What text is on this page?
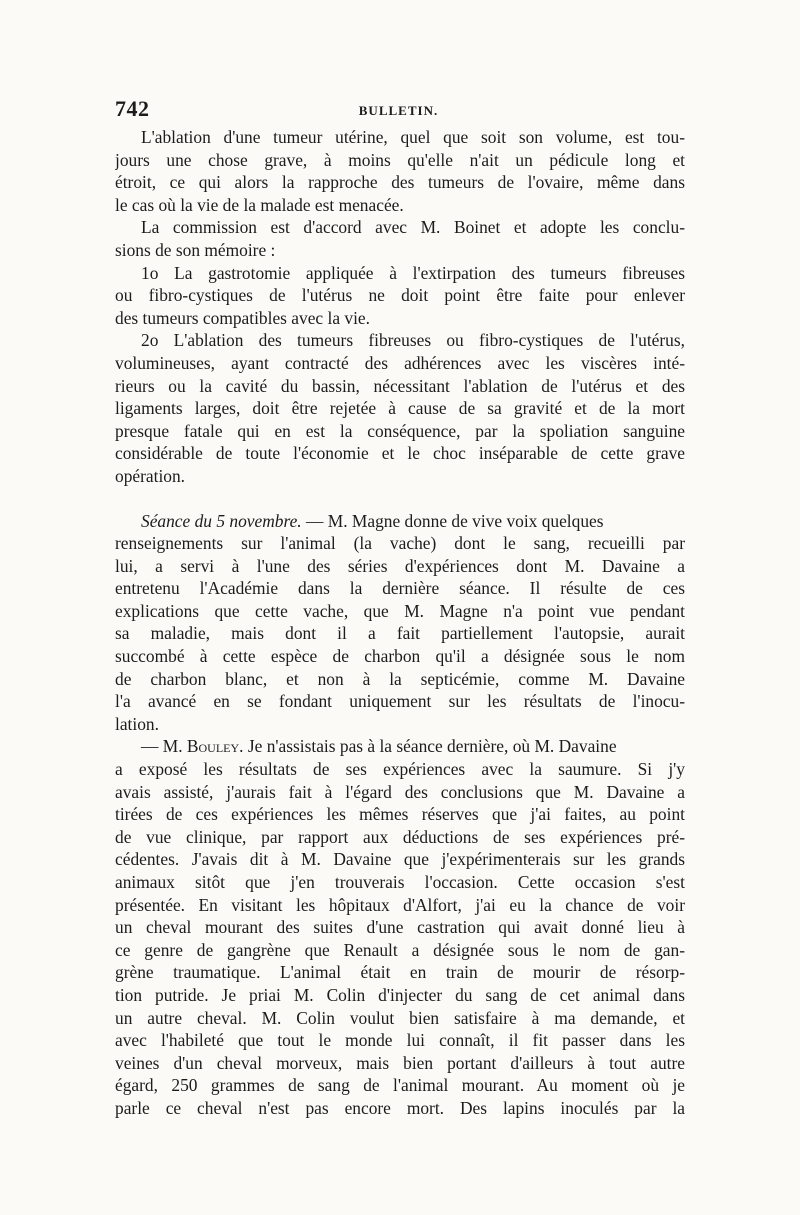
742	BULLETIN.
L'ablation d'une tumeur utérine, quel que soit son volume, est tou-
jours une chose grave, à moins qu'elle n'ait un pédicule long et
étroit, ce qui alors la rapproche des tumeurs de l'ovaire, même dans
le cas où la vie de la malade est menacée.
La commission est d'accord avec M. Boinet et adopte les conclu-
sions de son mémoire :
1o La gastrotomie appliquée à l'extirpation des tumeurs fibreuses
ou fibro-cystiques de l'utérus ne doit point être faite pour enlever
des tumeurs compatibles avec la vie.
2o L'ablation des tumeurs fibreuses ou fibro-cystiques de l'utérus,
volumineuses, ayant contracté des adhérences avec les viscères inté-
rieurs ou la cavité du bassin, nécessitant l'ablation de l'utérus et des
ligaments larges, doit être rejetée à cause de sa gravité et de la mort
presque fatale qui en est la conséquence, par la spoliation sanguine
considérable de toute l'économie et le choc inséparable de cette grave
opération.
Séance du 5 novembre. — M. Magne donne de vive voix quelques
renseignements sur l'animal (la vache) dont le sang, recueilli par
lui, a servi à l'une des séries d'expériences dont M. Davaine a
entretenu l'Académie dans la dernière séance. Il résulte de ces
explications que cette vache, que M. Magne n'a point vue pendant
sa maladie, mais dont il a fait partiellement l'autopsie, aurait
succombé à cette espèce de charbon qu'il a désignée sous le nom
de charbon blanc, et non à la septicémie, comme M. Davaine
l'a avancé en se fondant uniquement sur les résultats de l'inocu-
lation.
— M. Bouley. Je n'assistais pas à la séance dernière, où M. Davaine
a exposé les résultats de ses expériences avec la saumure. Si j'y
avais assisté, j'aurais fait à l'égard des conclusions que M. Davaine a
tirées de ces expériences les mêmes réserves que j'ai faites, au point
de vue clinique, par rapport aux déductions de ses expériences pré-
cédentes. J'avais dit à M. Davaine que j'expérimenterais sur les grands
animaux sitôt que j'en trouverais l'occasion. Cette occasion s'est
présentée. En visitant les hôpitaux d'Alfort, j'ai eu la chance de voir
un cheval mourant des suites d'une castration qui avait donné lieu à
ce genre de gangrène que Renault a désignée sous le nom de gan-
grène traumatique. L'animal était en train de mourir de résorp-
tion putride. Je priai M. Colin d'injecter du sang de cet animal dans
un autre cheval. M. Colin voulut bien satisfaire à ma demande, et
avec l'habileté que tout le monde lui connaît, il fit passer dans les
veines d'un cheval morveux, mais bien portant d'ailleurs à tout autre
égard, 250 grammes de sang de l'animal mourant. Au moment où je
parle ce cheval n'est pas encore mort. Des lapins inoculés par la
